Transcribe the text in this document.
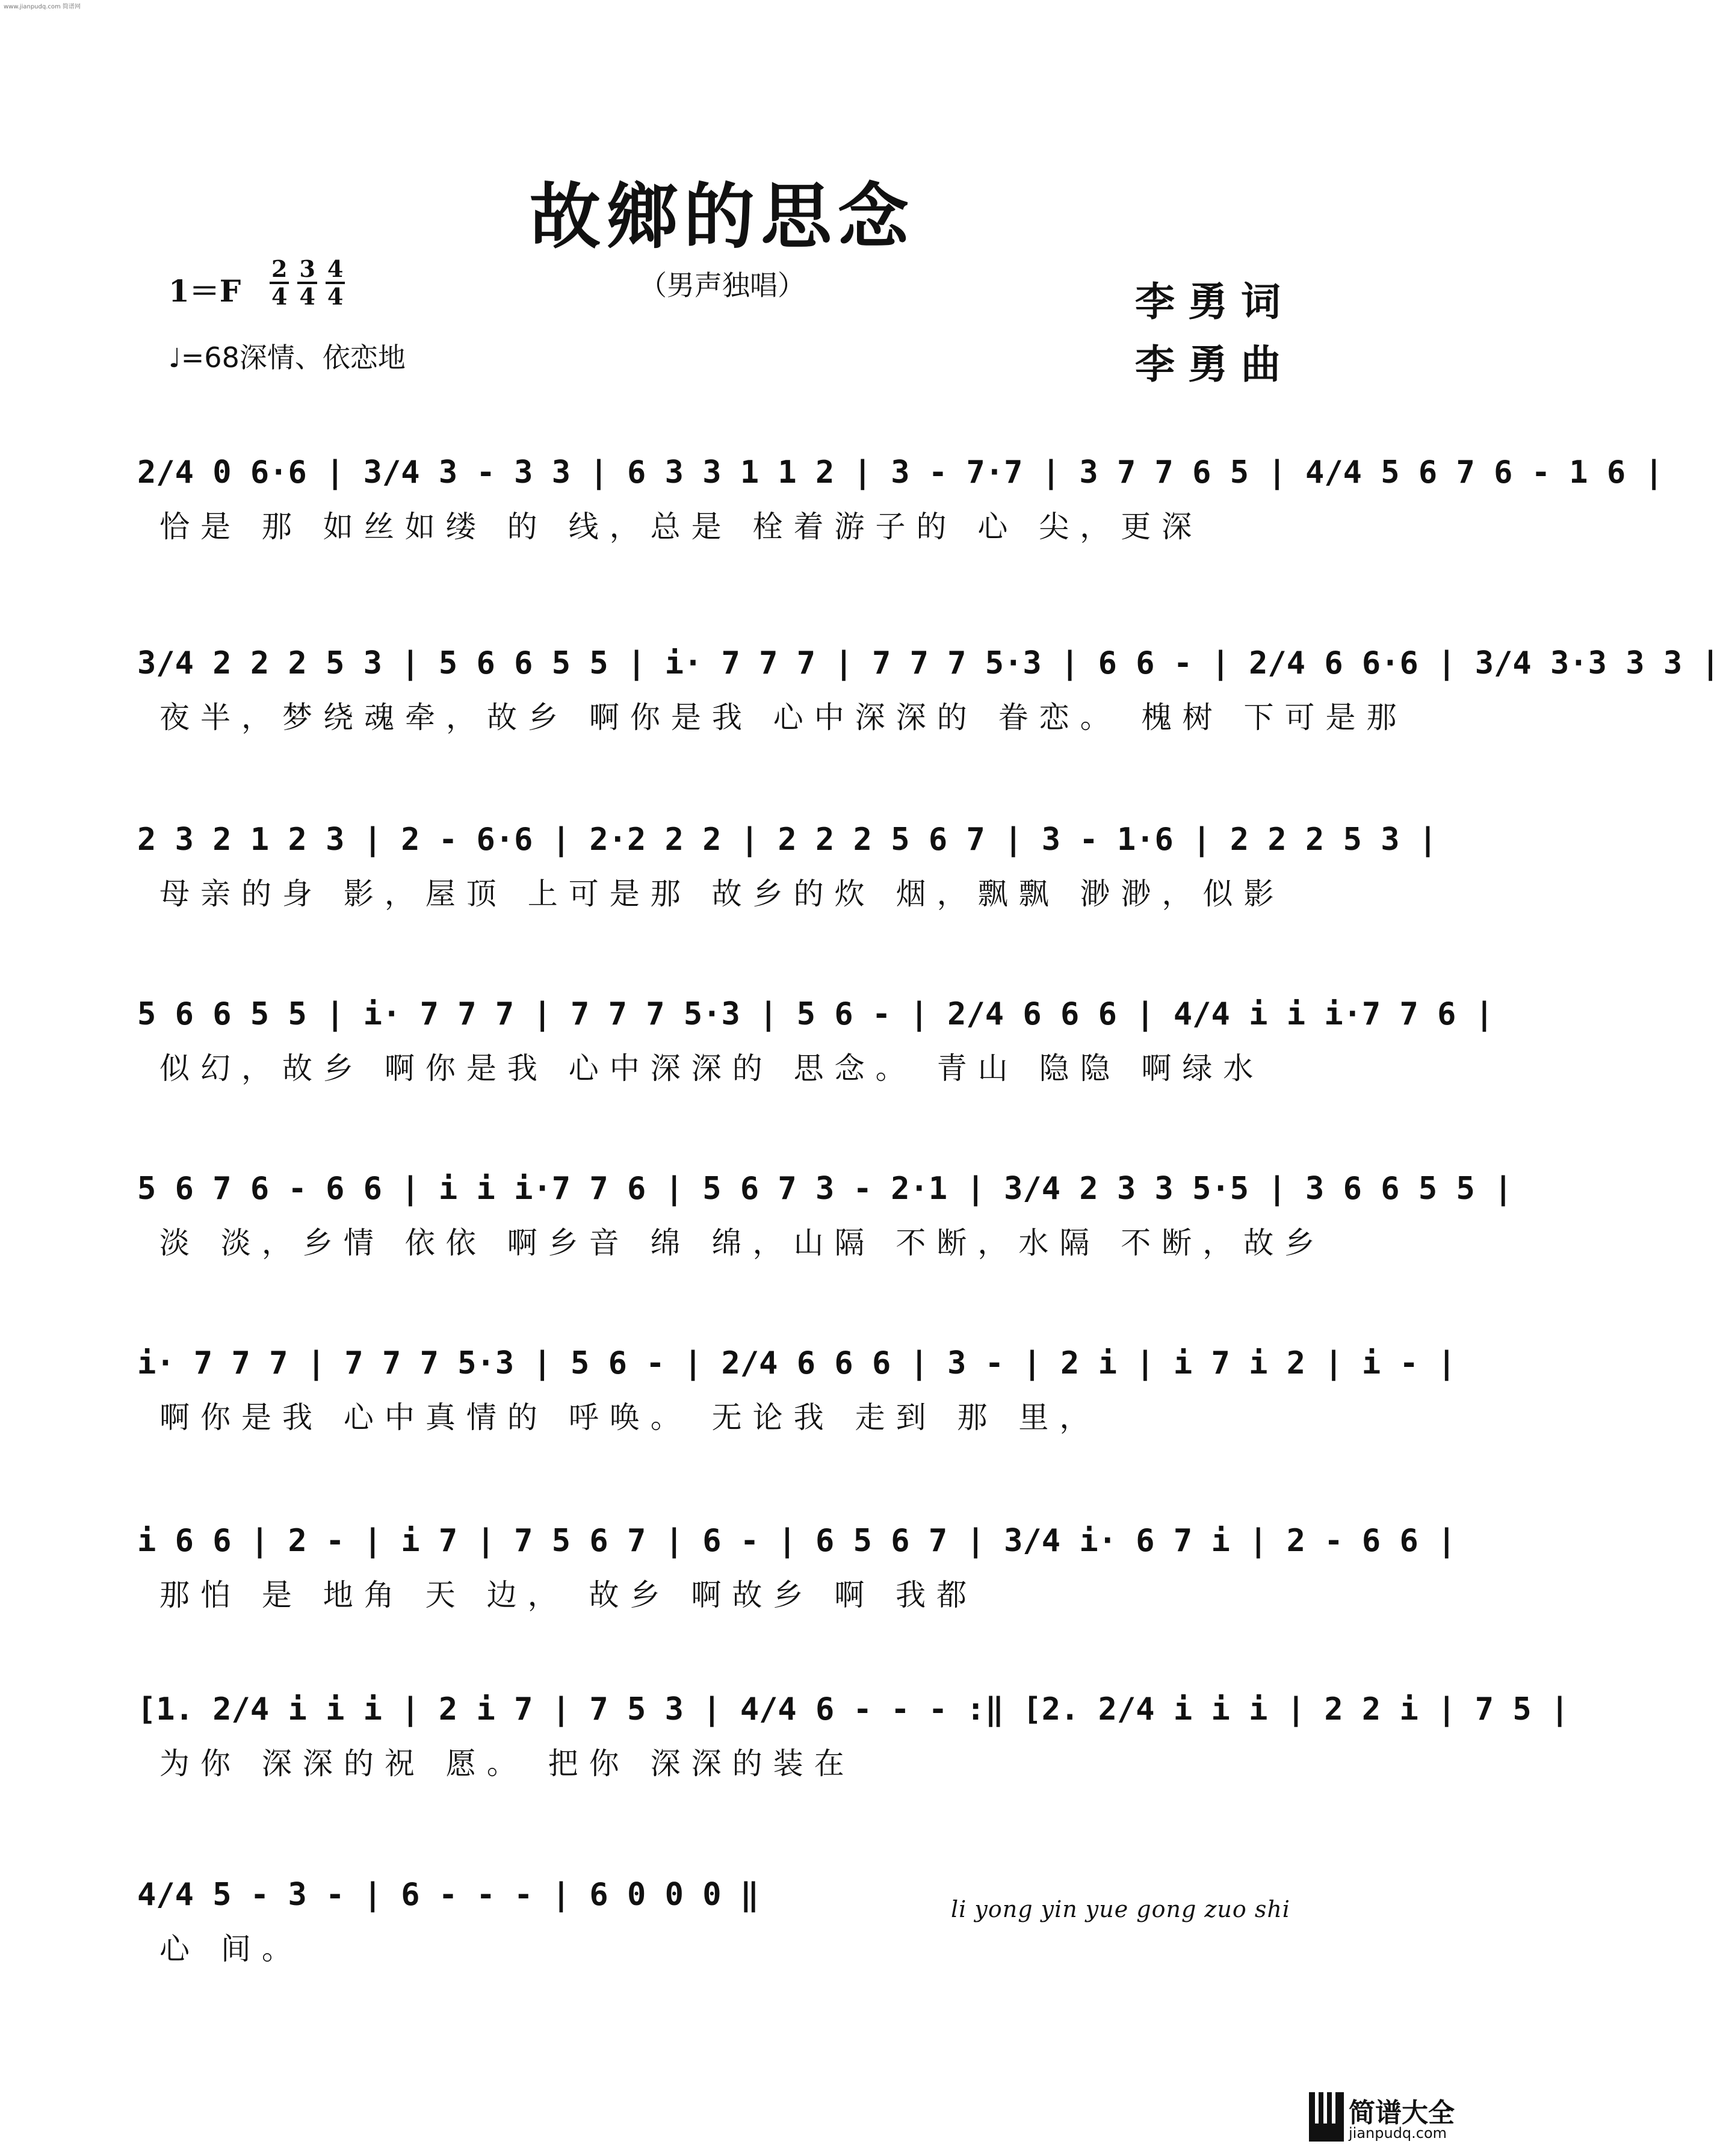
www.jianpudq.com 简谱网
故鄉的思念
（男声独唱）
$1=F \frac{2}{4} \frac{3}{4} \frac{4}{4}$
♩=68深情、依恋地
李勇词
李勇曲
2/4 0 6·6 | 3/4 3 - 3 3 | 6 3 3 1 1 2 | 3 - 7·7 | 3 7 7 6 5 | 4/4 5 6 7 6 - 1 6 |
恰是 那 如丝如缕 的 线，总是 栓着游子的 心 尖，更深
3/4 2 2 2 5 3 | 5 6 6 5 5 | i· 7 7 7 | 7 7 7 5·3 | 6 6 - | 2/4 6 6·6 | 3/4 3·3 3 3 |
夜半，梦绕魂牵，故乡 啊你是我 心中深深的 眷恋。 槐树 下可是那
2 3 2 1 2 3 | 2 - 6·6 | 2·2 2 2 | 2 2 2 5 6 7 | 3 - 1·6 | 2 2 2 5 3 |
母亲的身 影，屋顶 上可是那 故乡的炊 烟，飘飘 渺渺，似影
5 6 6 5 5 | i· 7 7 7 | 7 7 7 5·3 | 5 6 - | 2/4 6 6 6 | 4/4 i i i·7 7 6 |
似幻，故乡 啊你是我 心中深深的 思念。 青山 隐隐 啊绿水
5 6 7 6 - 6 6 | i i i·7 7 6 | 5 6 7 3 - 2·1 | 3/4 2 3 3 5·5 | 3 6 6 5 5 |
淡 淡，乡情 依依 啊乡音 绵 绵，山隔 不断，水隔 不断，故乡
i· 7 7 7 | 7 7 7 5·3 | 5 6 - | 2/4 6 6 6 | 3 - | 2 i | i 7 i 2 | i - |
啊你是我 心中真情的 呼唤。 无论我 走到 那 里，
i 6 6 | 2 - | i 7 | 7 5 6 7 | 6 - | 6 5 6 7 | 3/4 i· 6 7 i | 2 - 6 6 |
那怕 是 地角 天 边， 故乡 啊故乡 啊 我都
[1. 2/4 i i i | 2 i 7 | 7 5 3 | 4/4 6 - - - :‖ [2. 2/4 i i i | 2 2 i | 7 5 |
为你 深深的祝 愿。 把你 深深的装在
4/4 5 - 3 - | 6 - - - | 6 0 0 0 ‖
心 间。
li yong yin yue gong zuo shi
简谱大全
jianpudq.com
